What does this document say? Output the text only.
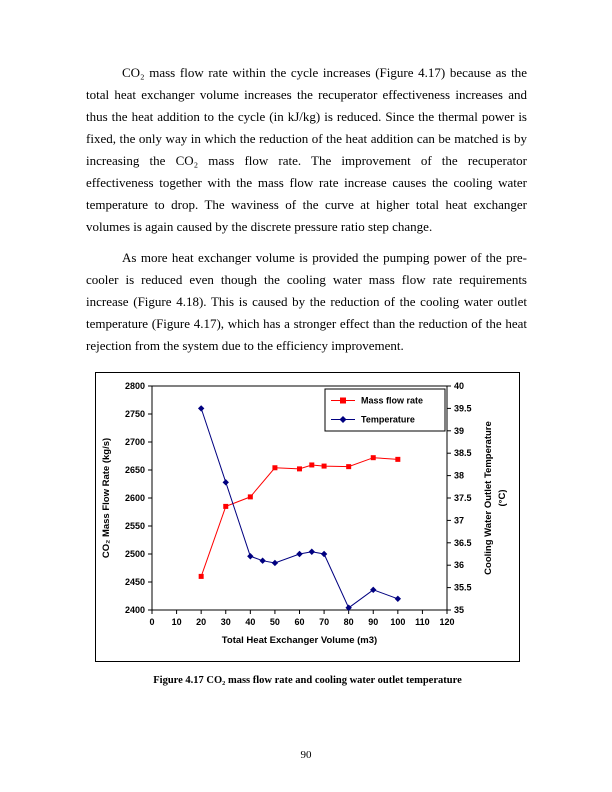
CO₂ mass flow rate within the cycle increases (Figure 4.17) because as the total heat exchanger volume increases the recuperator effectiveness increases and thus the heat addition to the cycle (in kJ/kg) is reduced. Since the thermal power is fixed, the only way in which the reduction of the heat addition can be matched is by increasing the CO₂ mass flow rate. The improvement of the recuperator effectiveness together with the mass flow rate increase causes the cooling water temperature to drop. The waviness of the curve at higher total heat exchanger volumes is again caused by the discrete pressure ratio step change.

As more heat exchanger volume is provided the pumping power of the pre-cooler is reduced even though the cooling water mass flow rate requirements increase (Figure 4.18). This is caused by the reduction of the cooling water outlet temperature (Figure 4.17), which has a stronger effect than the reduction of the heat rejection from the system due to the efficiency improvement.

0 10 20 30 40 50 60 70 80 90 100 110 120
2400
2450
2500
2550
2600
2650
2700
2750
2800
35
35.5
36
36.5
37
37.5
38
38.5
39
39.5
40
CO₂ Mass Flow Rate (kg/s)	Cooling Water Outlet Temperature (°C)
Total Heat Exchanger Volume (m3)
Mass flow rate
Temperature
Figure 4.17 CO₂ mass flow rate and cooling water outlet temperature
90
